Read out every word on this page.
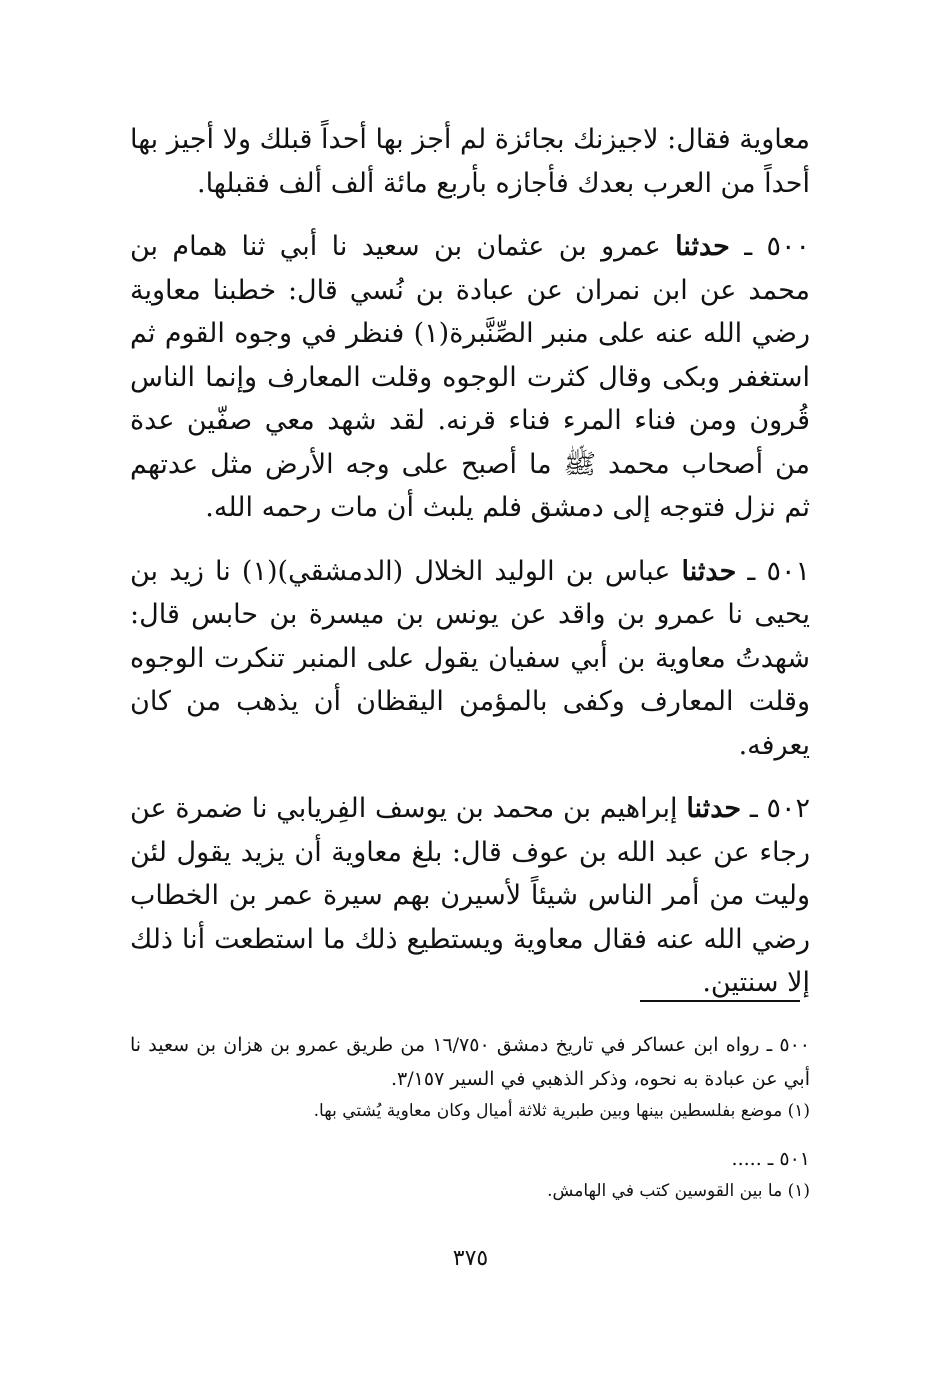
معاوية فقال: لاجيزنك بجائزة لم أجز بها أحداً قبلك ولا أجيز بها أحداً من العرب بعدك فأجازه بأربع مائة ألف ألف فقبلها.

٥٠٠ ـ حدثنا عمرو بن عثمان بن سعيد نا أبي ثنا همام بن محمد عن ابن نمران عن عبادة بن نُسي قال: خطبنا معاوية رضي الله عنه على منبر الصِّنَّبرة(١) فنظر في وجوه القوم ثم استغفر وبكى وقال كثرت الوجوه وقلت المعارف وإنما الناس قُرون ومن فناء المرء فناء قرنه. لقد شهد معي صفّين عدة من أصحاب محمد ﷺ ما أصبح على وجه الأرض مثل عدتهم ثم نزل فتوجه إلى دمشق فلم يلبث أن مات رحمه الله.

٥٠١ ـ حدثنا عباس بن الوليد الخلال (الدمشقي)(١) نا زيد بن يحيى نا عمرو بن واقد عن يونس بن ميسرة بن حابس قال: شهدتُ معاوية بن أبي سفيان يقول على المنبر تنكرت الوجوه وقلت المعارف وكفى بالمؤمن اليقظان أن يذهب من كان يعرفه.

٥٠٢ ـ حدثنا إبراهيم بن محمد بن يوسف الفِريابي نا ضمرة عن رجاء عن عبد الله بن عوف قال: بلغ معاوية أن يزيد يقول لئن وليت من أمر الناس شيئاً لأسيرن بهم سيرة عمر بن الخطاب رضي الله عنه فقال معاوية ويستطيع ذلك ما استطعت أنا ذلك إلا سنتين.

٥٠٠ ـ رواه ابن عساكر في تاريخ دمشق ١٦/٧٥٠ من طريق عمرو بن هزان بن سعيد نا أبي عن عبادة به نحوه، وذكر الذهبي في السير ٣/١٥٧.

(١) موضع بفلسطين بينها وبين طبرية ثلاثة أميال وكان معاوية يُشتي بها.

٥٠١ ـ .....

(١) ما بين القوسين كتب في الهامش.

٣٧٥
